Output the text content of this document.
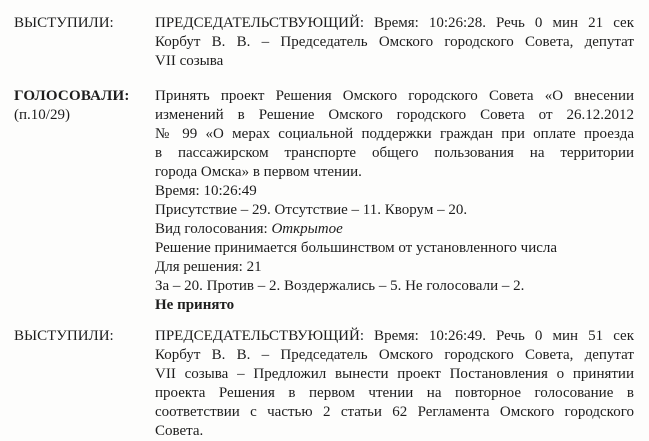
ВЫСТУПИЛИ:	ПРЕДСЕДАТЕЛЬСТВУЮЩИЙ: Время: 10:26:28. Речь 0 мин 21 сек
Корбут В. В. – Председатель Омского городского Совета, депутат
VII созыва
ГОЛОСОВАЛИ:
(п.10/29)
Принять проект Решения Омского городского Совета «О внесении
изменений в Решение Омского городского Совета от 26.12.2012
№ 99 «О мерах социальной поддержки граждан при оплате проезда
в пассажирском транспорте общего пользования на территории
города Омска» в первом чтении.
Время: 10:26:49
Присутствие – 29. Отсутствие – 11. Кворум – 20.
Вид голосования: Открытое
Решение принимается большинством от установленного числа
Для решения: 21
За – 20. Против – 2. Воздержались – 5. Не голосовали – 2.
Не принято
ВЫСТУПИЛИ:	ПРЕДСЕДАТЕЛЬСТВУЮЩИЙ: Время: 10:26:49. Речь 0 мин 51 сек
Корбут В. В. – Председатель Омского городского Совета, депутат
VII созыва – Предложил вынести проект Постановления о принятии
проекта Решения в первом чтении на повторное голосование в
соответствии с частью 2 статьи 62 Регламента Омского городского
Совета.
